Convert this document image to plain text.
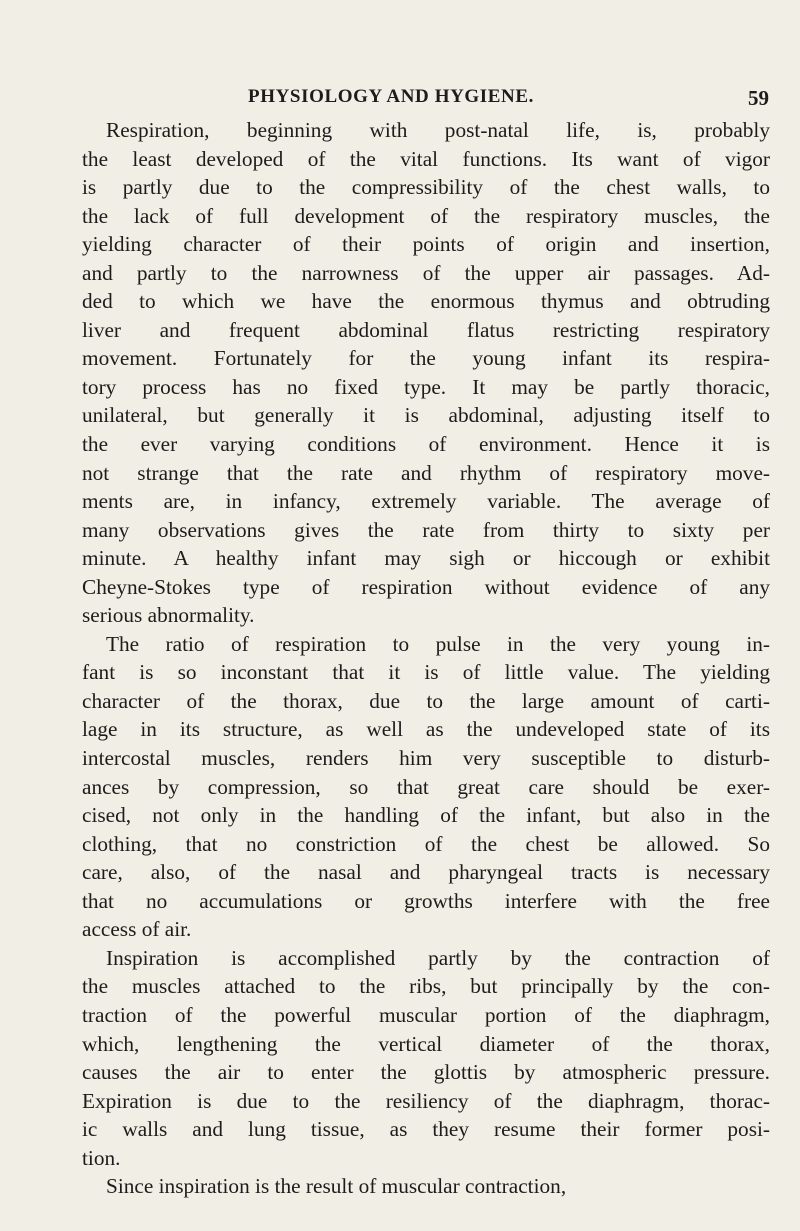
PHYSIOLOGY AND HYGIENE.	59
Respiration, beginning with post-natal life, is, probably
the least developed of the vital functions. Its want of vigor
is partly due to the compressibility of the chest walls, to
the lack of full development of the respiratory muscles, the
yielding character of their points of origin and insertion,
and partly to the narrowness of the upper air passages. Ad-
ded to which we have the enormous thymus and obtruding
liver and frequent abdominal flatus restricting respiratory
movement. Fortunately for the young infant its respira-
tory process has no fixed type. It may be partly thoracic,
unilateral, but generally it is abdominal, adjusting itself to
the ever varying conditions of environment. Hence it is
not strange that the rate and rhythm of respiratory move-
ments are, in infancy, extremely variable. The average of
many observations gives the rate from thirty to sixty per
minute. A healthy infant may sigh or hiccough or exhibit
Cheyne-Stokes type of respiration without evidence of any
serious abnormality.
The ratio of respiration to pulse in the very young in-
fant is so inconstant that it is of little value. The yielding
character of the thorax, due to the large amount of carti-
lage in its structure, as well as the undeveloped state of its
intercostal muscles, renders him very susceptible to disturb-
ances by compression, so that great care should be exer-
cised, not only in the handling of the infant, but also in the
clothing, that no constriction of the chest be allowed. So
care, also, of the nasal and pharyngeal tracts is necessary
that no accumulations or growths interfere with the free
access of air.
Inspiration is accomplished partly by the contraction of
the muscles attached to the ribs, but principally by the con-
traction of the powerful muscular portion of the diaphragm,
which, lengthening the vertical diameter of the thorax,
causes the air to enter the glottis by atmospheric pressure.
Expiration is due to the resiliency of the diaphragm, thorac-
ic walls and lung tissue, as they resume their former posi-
tion.
Since inspiration is the result of muscular contraction,
